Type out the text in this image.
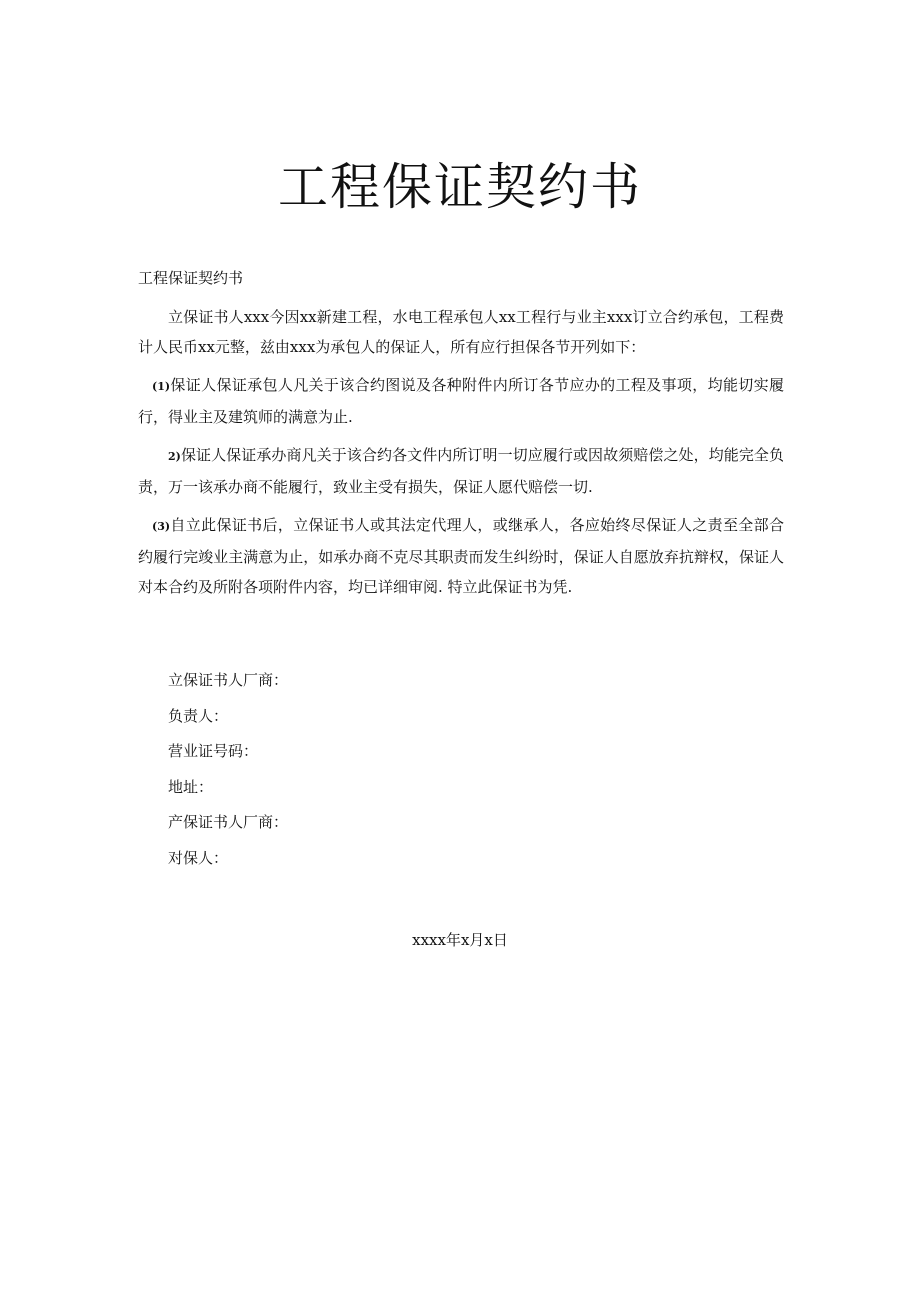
工程保证契约书
工程保证契约书

立保证书人xxx今因xx新建工程，水电工程承包人xx工程行与业主xxx订立合约承包，工程费计人民币xx元整，兹由xxx为承包人的保证人，所有应行担保各节开列如下：

(1)保证人保证承包人凡关于该合约图说及各种附件内所订各节应办的工程及事项，均能切实履行，得业主及建筑师的满意为止.

2)保证人保证承办商凡关于该合约各文件内所订明一切应履行或因故须赔偿之处，均能完全负责，万一该承办商不能履行，致业主受有损失，保证人愿代赔偿一切.

(3)自立此保证书后，立保证书人或其法定代理人，或继承人，各应始终尽保证人之责至全部合约履行完竣业主满意为止，如承办商不克尽其职责而发生纠纷时，保证人自愿放弃抗辩权，保证人对本合约及所附各项附件内容，均已详细审阅. 特立此保证书为凭.

立保证书人厂商：
负责人：
营业证号码：
地址：
产保证书人厂商：
对保人：
xxxx年x月x日
